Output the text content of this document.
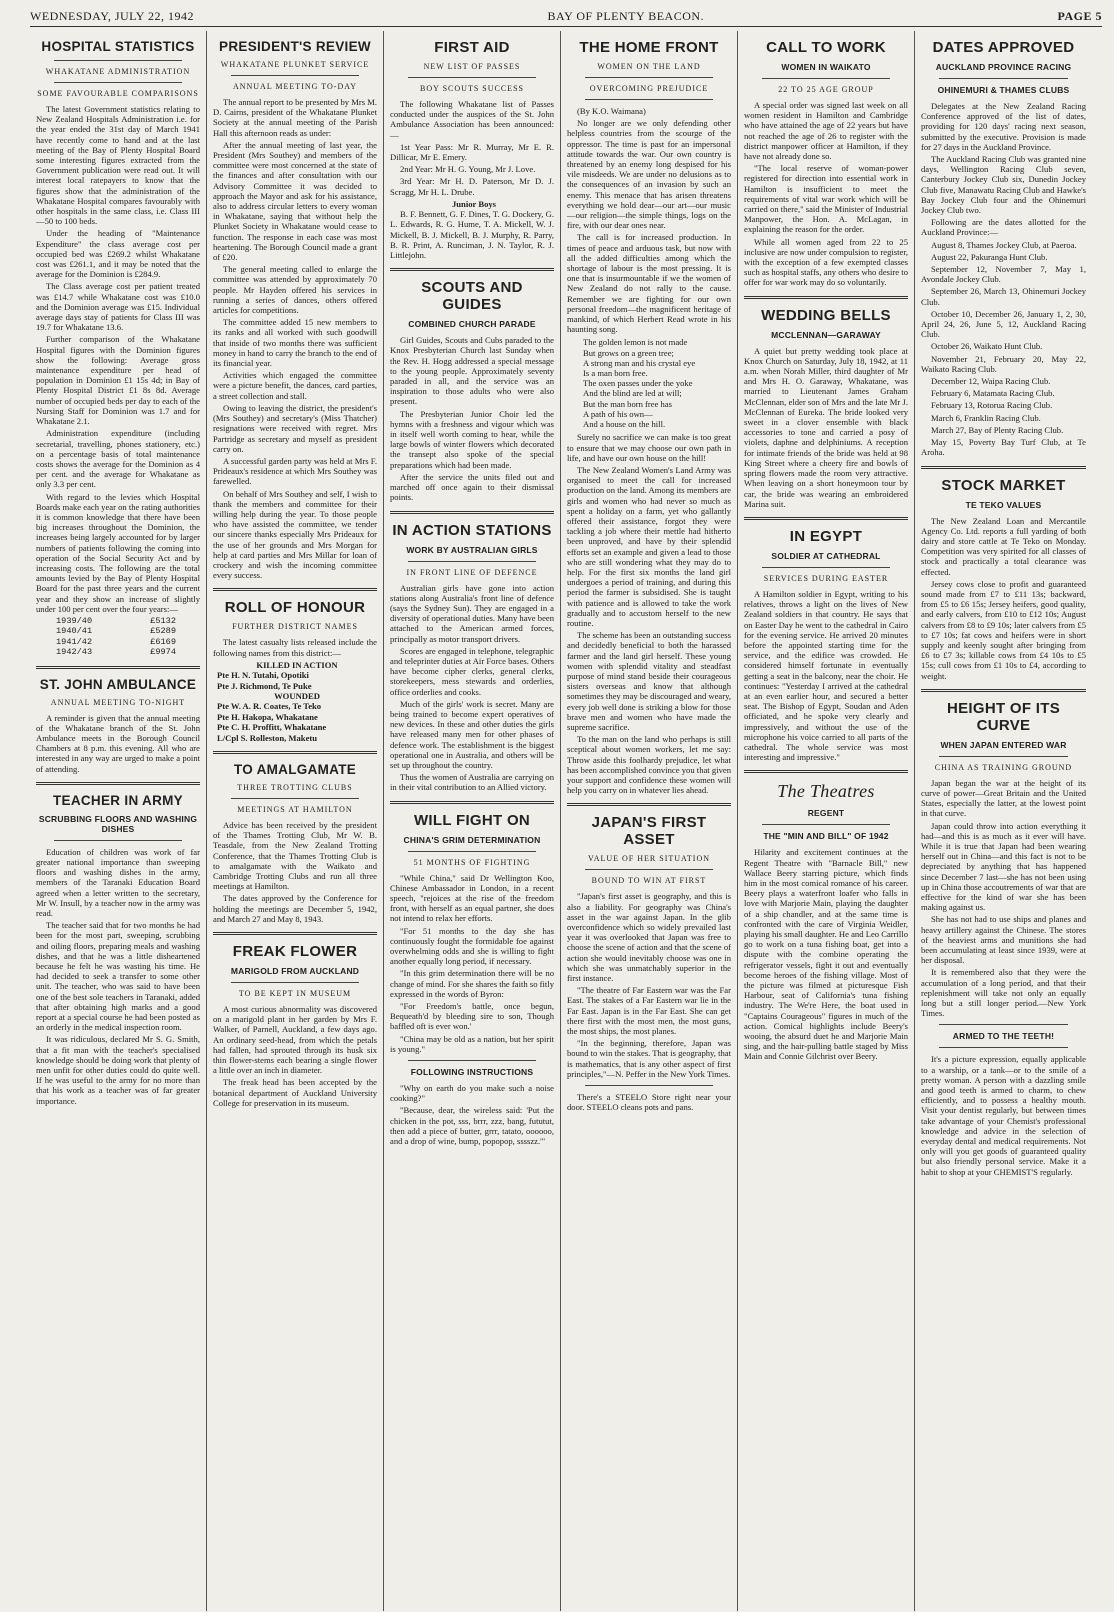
WEDNESDAY, JULY 22, 1942	BAY OF PLENTY BEACON.	PAGE 5
HOSPITAL STATISTICS
WHAKATANE ADMINISTRATION
SOME FAVOURABLE COMPARISONS

The latest Government statistics relating to New Zealand Hospitals Administration i.e. for the year ended the 31st day of March 1941 have recently come to hand and at the last meeting of the Bay of Plenty Hospital Board some interesting figures extracted from the Government publication were read out. It will interest local ratepayers to know that the figures show that the administration of the Whakatane Hospital compares favourably with other hospitals in the same class, i.e. Class III—50 to 100 beds.

Under the heading of "Maintenance Expenditure" the class average cost per occupied bed was £269.2 whilst Whakatane cost was £261.1, and it may be noted that the average for the Dominion is £284.9.

The Class average cost per patient treated was £14.7 while Whakatane cost was £10.0 and the Dominion average was £15. Individual average days stay of patients for Class III was 19.7 for Whakatane 13.6.

Further comparison of the Whakatane Hospital figures with the Dominion figures show the following: Average gross maintenance expenditure per head of population in Dominion £1 15s 4d; in Bay of Plenty Hospital District £1 8s 8d. Average number of occupied beds per day to each of the Nursing Staff for Dominion was 1.7 and for Whakatane 2.1.

Administration expenditure (including secretarial, travelling, phones stationery, etc.) on a percentage basis of total maintenance costs shows the average for the Dominion as 4 per cent. and the average for Whakatane as only 3.3 per cent.

With regard to the levies which Hospital Boards make each year on the rating authorities it is common knowledge that there have been big increases throughout the Dominion, the increases being largely accounted for by larger numbers of patients following the coming into operation of the Social Security Act and by increasing costs. The following are the total amounts levied by the Bay of Plenty Hospital Board for the past three years and the current year and they show an increase of slightly under 100 per cent over the four years:—

1939/40	£5132
1940/41	£5289
1941/42	£6169
1942/43	£9974
ST. JOHN AMBULANCE
ANNUAL MEETING TO-NIGHT

A reminder is given that the annual meeting of the Whakatane branch of the St. John Ambulance meets in the Borough Council Chambers at 8 p.m. this evening. All who are interested in any way are urged to make a point of attending.

TEACHER IN ARMY
SCRUBBING FLOORS AND WASHING DISHES

Education of children was work of far greater national importance than sweeping floors and washing dishes in the army, members of the Taranaki Education Board agreed when a letter written to the secretary, Mr W. Insull, by a teacher now in the army was read.

The teacher said that for two months he had been for the most part, sweeping, scrubbing and oiling floors, preparing meals and washing dishes, and that he was a little disheartened because he felt he was wasting his time. He had decided to seek a transfer to some other unit. The teacher, who was said to have been one of the best sole teachers in Taranaki, added that after obtaining high marks and a good report at a special course he had been posted as an orderly in the medical inspection room.

It was ridiculous, declared Mr S. G. Smith, that a fit man with the teacher's specialised knowledge should be doing work that plenty of men unfit for other duties could do quite well. If he was useful to the army for no more than that his work as a teacher was of far greater importance.

PRESIDENT'S REVIEW
WHAKATANE PLUNKET SERVICE
ANNUAL MEETING TO-DAY

The annual report to be presented by Mrs M. D. Cairns, president of the Whakatane Plunket Society at the annual meeting of the Parish Hall this afternoon reads as under:

After the annual meeting of last year, the President (Mrs Southey) and members of the committee were most concerned at the state of the finances and after consultation with our Advisory Committee it was decided to approach the Mayor and ask for his assistance, also to address circular letters to every woman in Whakatane, saying that without help the Plunket Society in Whakatane would cease to function. The response in each case was most heartening. The Borough Council made a grant of £20.

The general meeting called to enlarge the committee was attended by approximately 70 people. Mr Hayden offered his services in running a series of dances, others offered articles for competitions.

The committee added 15 new members to its ranks and all worked with such goodwill that inside of two months there was sufficient money in hand to carry the branch to the end of its financial year.

Activities which engaged the committee were a picture benefit, the dances, card parties, a street collection and stall.

Owing to leaving the district, the president's (Mrs Southey) and secretary's (Miss Thatcher) resignations were received with regret. Mrs Partridge as secretary and myself as president carry on.

A successful garden party was held at Mrs F. Prideaux's residence at which Mrs Southey was farewelled.

On behalf of Mrs Southey and self, I wish to thank the members and committee for their willing help during the year. To those people who have assisted the committee, we tender our sincere thanks especially Mrs Prideaux for the use of her grounds and Mrs Morgan for help at card parties and Mrs Millar for loan of crockery and wish the incoming committee every success.

ROLL OF HONOUR
FURTHER DISTRICT NAMES

The latest casualty lists released include the following names from this district:—

KILLED IN ACTION

Pte H. N. Tutahi, Opotiki

Pte J. Richmond, Te Puke

WOUNDED

Pte W. A. R. Coates, Te Teko

Pte H. Hakopa, Whakatane

Pte C. H. Proffitt, Whakatane

L/Cpl S. Rolleston, Maketu

TO AMALGAMATE
THREE TROTTING CLUBS
MEETINGS AT HAMILTON

Advice has been received by the president of the Thames Trotting Club, Mr W. B. Teasdale, from the New Zealand Trotting Conference, that the Thames Trotting Club is to amalgamate with the Waikato and Cambridge Trotting Clubs and run all three meetings at Hamilton.

The dates approved by the Conference for holding the meetings are December 5, 1942, and March 27 and May 8, 1943.

FREAK FLOWER
MARIGOLD FROM AUCKLAND
TO BE KEPT IN MUSEUM

A most curious abnormality was discovered on a marigold plant in her garden by Mrs F. Walker, of Parnell, Auckland, a few days ago. An ordinary seed-head, from which the petals had fallen, had sprouted through its husk six thin flower-stems each bearing a single flower a little over an inch in diameter.

The freak head has been accepted by the botanical department of Auckland University College for preservation in its museum.

FIRST AID
NEW LIST OF PASSES
BOY SCOUTS SUCCESS

The following Whakatane list of Passes conducted under the auspices of the St. John Ambulance Association has been announced:—

1st Year Pass: Mr R. Murray, Mr E. R. Dillicar, Mr E. Emery.

2nd Year: Mr H. G. Young, Mr J. Love.

3rd Year: Mr H. D. Paterson, Mr D. J. Scragg, Mr H. L. Drube.

Junior Boys

B. F. Bennett, G. F. Dines, T. G. Dockery, G. L. Edwards, R. G. Hume, T. A. Mickell, W. J. Mickell, B. J. Mickell, B. J. Murphy, R. Parry, B. R. Print, A. Runciman, J. N. Taylor, R. J. Littlejohn.

SCOUTS AND GUIDES
COMBINED CHURCH PARADE

Girl Guides, Scouts and Cubs paraded to the Knox Presbyterian Church last Sunday when the Rev. H. Hogg addressed a special message to the young people. Approximately seventy paraded in all, and the service was an inspiration to those adults who were also present.

The Presbyterian Junior Choir led the hymns with a freshness and vigour which was in itself well worth coming to hear, while the large bowls of winter flowers which decorated the transept also spoke of the special preparations which had been made.

After the service the units filed out and marched off once again to their dismissal points.

IN ACTION STATIONS
WORK BY AUSTRALIAN GIRLS
IN FRONT LINE OF DEFENCE

Australian girls have gone into action stations along Australia's front line of defence (says the Sydney Sun). They are engaged in a diversity of operational duties. Many have been attached to the American armed forces, principally as motor transport drivers.

Scores are engaged in telephone, telegraphic and teleprinter duties at Air Force bases. Others have become cipher clerks, general clerks, storekeepers, mess stewards and orderlies, office orderlies and cooks.

Much of the girls' work is secret. Many are being trained to become expert operatives of new devices. In these and other duties the girls have released many men for other phases of defence work. The establishment is the biggest operational one in Australia, and others will be set up throughout the country.

Thus the women of Australia are carrying on in their vital contribution to an Allied victory.

WILL FIGHT ON
CHINA'S GRIM DETERMINATION
51 MONTHS OF FIGHTING

"While China," said Dr Wellington Koo, Chinese Ambassador in London, in a recent speech, "rejoices at the rise of the freedom front, with herself as an equal partner, she does not intend to relax her efforts.

"For 51 months to the day she has continuously fought the formidable foe against overwhelming odds and she is willing to fight another equally long period, if necessary.

"In this grim determination there will be no change of mind. For she shares the faith so fitly expressed in the words of Byron:

"For Freedom's battle, once begun, Bequeath'd by bleeding sire to son, Though baffled oft is ever won.'

"China may be old as a nation, but her spirit is young."

FOLLOWING INSTRUCTIONS

"Why on earth do you make such a noise cooking?"

"Because, dear, the wireless said: 'Put the chicken in the pot, sss, brrr, zzz, bang, fututut, then add a piece of butter, grrr, tatato, oooooo, and a drop of wine, bump, popopop, sssszz.'"

THE HOME FRONT
WOMEN ON THE LAND
OVERCOMING PREJUDICE

(By K.O. Waimana)

No longer are we only defending other helpless countries from the scourge of the oppressor. The time is past for an impersonal attitude towards the war. Our own country is threatened by an enemy long despised for his vile misdeeds. We are under no delusions as to the consequences of an invasion by such an enemy. This menace that has arisen threatens everything we hold dear—our art—our music—our religion—the simple things, logs on the fire, with our dear ones near.

The call is for increased production. In times of peace and arduous task, but now with all the added difficulties among which the shortage of labour is the most pressing. It is one that is insurmountable if we the women of New Zealand do not rally to the cause. Remember we are fighting for our own personal freedom—the magnificent heritage of mankind, of which Herbert Read wrote in his haunting song.

The golden lemon is not made

But grows on a green tree;

A strong man and his crystal eye

Is a man born free.

The oxen passes under the yoke

And the blind are led at will;

But the man born free has

A path of his own—

And a house on the hill.

Surely no sacrifice we can make is too great to ensure that we may choose our own path in life, and have our own house on the hill!

The New Zealand Women's Land Army was organised to meet the call for increased production on the land. Among its members are girls and women who had never so much as spent a holiday on a farm, yet who gallantly offered their assistance, forgot they were tackling a job where their mettle had hitherto been unproved, and have by their splendid efforts set an example and given a lead to those who are still wondering what they may do to help. For the first six months the land girl undergoes a period of training, and during this period the farmer is subsidised. She is taught with patience and is allowed to take the work gradually and to accustom herself to the new routine.

The scheme has been an outstanding success and decidedly beneficial to both the harassed farmer and the land girl herself. These young women with splendid vitality and steadfast purpose of mind stand beside their courageous sisters overseas and know that although sometimes they may be discouraged and weary, every job well done is striking a blow for those brave men and women who have made the supreme sacrifice.

To the man on the land who perhaps is still sceptical about women workers, let me say: Throw aside this foolhardy prejudice, let what has been accomplished convince you that given your support and confidence these women will help you carry on in whatever lies ahead.

JAPAN'S FIRST ASSET
VALUE OF HER SITUATION
BOUND TO WIN AT FIRST

"Japan's first asset is geography, and this is also a liability. For geography was China's asset in the war against Japan. In the glib overconfidence which so widely prevailed last year it was overlooked that Japan was free to choose the scene of action and that the scene of action she would inevitably choose was one in which she was unmatchably superior in the first instance.

"The theatre of Far Eastern war was the Far East. The stakes of a Far Eastern war lie in the Far East. Japan is in the Far East. She can get there first with the most men, the most guns, the most ships, the most planes.

"In the beginning, therefore, Japan was bound to win the stakes. That is geography, that is mathematics, that is any other aspect of first principles,"—N. Peffer in the New York Times.

There's a STEELO Store right near your door. STEELO cleans pots and pans.

CALL TO WORK
WOMEN IN WAIKATO
22 TO 25 AGE GROUP

A special order was signed last week on all women resident in Hamilton and Cambridge who have attained the age of 22 years but have not reached the age of 26 to register with the district manpower officer at Hamilton, if they have not already done so.

"The local reserve of woman-power registered for direction into essential work in Hamilton is insufficient to meet the requirements of vital war work which will be carried on there," said the Minister of Industrial Manpower, the Hon. A. McLagan, in explaining the reason for the order.

While all women aged from 22 to 25 inclusive are now under compulsion to register, with the exception of a few exempted classes such as hospital staffs, any others who desire to offer for war work may do so voluntarily.

WEDDING BELLS
MCCLENNAN—GARAWAY

A quiet but pretty wedding took place at Knox Church on Saturday, July 18, 1942, at 11 a.m. when Norah Miller, third daughter of Mr and Mrs H. O. Garaway, Whakatane, was married to Lieutenant James Graham McClennan, elder son of Mrs and the late Mr J. McClennan of Eureka. The bride looked very sweet in a clover ensemble with black accessories to tone and carried a posy of violets, daphne and delphiniums. A reception for intimate friends of the bride was held at 98 King Street where a cheery fire and bowls of spring flowers made the room very attractive. When leaving on a short honeymoon tour by car, the bride was wearing an embroidered Marina suit.

IN EGYPT
SOLDIER AT CATHEDRAL
SERVICES DURING EASTER

A Hamilton soldier in Egypt, writing to his relatives, throws a light on the lives of New Zealand soldiers in that country. He says that on Easter Day he went to the cathedral in Cairo for the evening service. He arrived 20 minutes before the appointed starting time for the service, and the edifice was crowded. He considered himself fortunate in eventually getting a seat in the balcony, near the choir. He continues: "Yesterday I arrived at the cathedral at an even earlier hour, and secured a better seat. The Bishop of Egypt, Soudan and Aden officiated, and he spoke very clearly and impressively, and without the use of the microphone his voice carried to all parts of the cathedral. The whole service was most interesting and impressive."

The Theatres
REGENT
THE "MIN AND BILL" OF 1942

Hilarity and excitement continues at the Regent Theatre with "Barnacle Bill," new Wallace Beery starring picture, which finds him in the most comical romance of his career. Beery plays a waterfront loafer who falls in love with Marjorie Main, playing the daughter of a ship chandler, and at the same time is confronted with the care of Virginia Weidler, playing his small daughter. He and Leo Carrillo go to work on a tuna fishing boat, get into a dispute with the combine operating the refrigerator vessels, fight it out and eventually become heroes of the fishing village. Most of the picture was filmed at picturesque Fish Harbour, seat of California's tuna fishing industry. The We're Here, the boat used in "Captains Courageous" figures in much of the action. Comical highlights include Beery's wooing, the absurd duet he and Marjorie Main sing, and the hair-pulling battle staged by Miss Main and Connie Gilchrist over Beery.

DATES APPROVED
AUCKLAND PROVINCE RACING
OHINEMURI & THAMES CLUBS

Delegates at the New Zealand Racing Conference approved of the list of dates, providing for 120 days' racing next season, submitted by the executive. Provision is made for 27 days in the Auckland Province.

The Auckland Racing Club was granted nine days, Wellington Racing Club seven, Canterbury Jockey Club six, Dunedin Jockey Club five, Manawatu Racing Club and Hawke's Bay Jockey Club four and the Ohinemuri Jockey Club two.

Following are the dates allotted for the Auckland Province:—

August 8, Thames Jockey Club, at Paeroa.

August 22, Pakuranga Hunt Club.

September 12, November 7, May 1, Avondale Jockey Club.

September 26, March 13, Ohinemuri Jockey Club.

October 10, December 26, January 1, 2, 30, April 24, 26, June 5, 12, Auckland Racing Club.

October 26, Waikato Hunt Club.

November 21, February 20, May 22, Waikato Racing Club.

December 12, Waipa Racing Club.

February 6, Matamata Racing Club.

February 13, Rotorua Racing Club.

March 6, Franklin Racing Club.

March 27, Bay of Plenty Racing Club.

May 15, Poverty Bay Turf Club, at Te Aroha.

STOCK MARKET
TE TEKO VALUES

The New Zealand Loan and Mercantile Agency Co. Ltd. reports a full yarding of both dairy and store cattle at Te Teko on Monday. Competition was very spirited for all classes of stock and practically a total clearance was effected.

Jersey cows close to profit and guaranteed sound made from £7 to £11 13s; backward, from £5 to £6 15s; Jersey heifers, good quality, and early calvers, from £10 to £12 10s; August calvers from £8 to £9 10s; later calvers from £5 to £7 10s; fat cows and heifers were in short supply and keenly sought after bringing from £6 to £7 3s; killable cows from £4 10s to £5 15s; cull cows from £1 10s to £4, according to weight.

HEIGHT OF ITS CURVE
WHEN JAPAN ENTERED WAR
CHINA AS TRAINING GROUND

Japan began the war at the height of its curve of power—Great Britain and the United States, especially the latter, at the lowest point in that curve.

Japan could throw into action everything it had—and this is as much as it ever will have. While it is true that Japan had been wearing herself out in China—and this fact is not to be depreciated by anything that has happened since December 7 last—she has not been using up in China those accoutrements of war that are effective for the kind of war she has been making against us.

She has not had to use ships and planes and heavy artillery against the Chinese. The stores of the heaviest arms and munitions she had been accumulating at least since 1939, were at her disposal.

It is remembered also that they were the accumulation of a long period, and that their replenishment will take not only an equally long but a still longer period.—New York Times.

ARMED TO THE TEETH!

It's a picture expression, equally applicable to a warship, or a tank—or to the smile of a pretty woman. A person with a dazzling smile and good teeth is armed to charm, to chew efficiently, and to possess a healthy mouth. Visit your dentist regularly, but between times take advantage of your Chemist's professional knowledge and advice in the selection of everyday dental and medical requirements. Not only will you get goods of guaranteed quality but also friendly personal service. Make it a habit to shop at your CHEMIST'S regularly.
